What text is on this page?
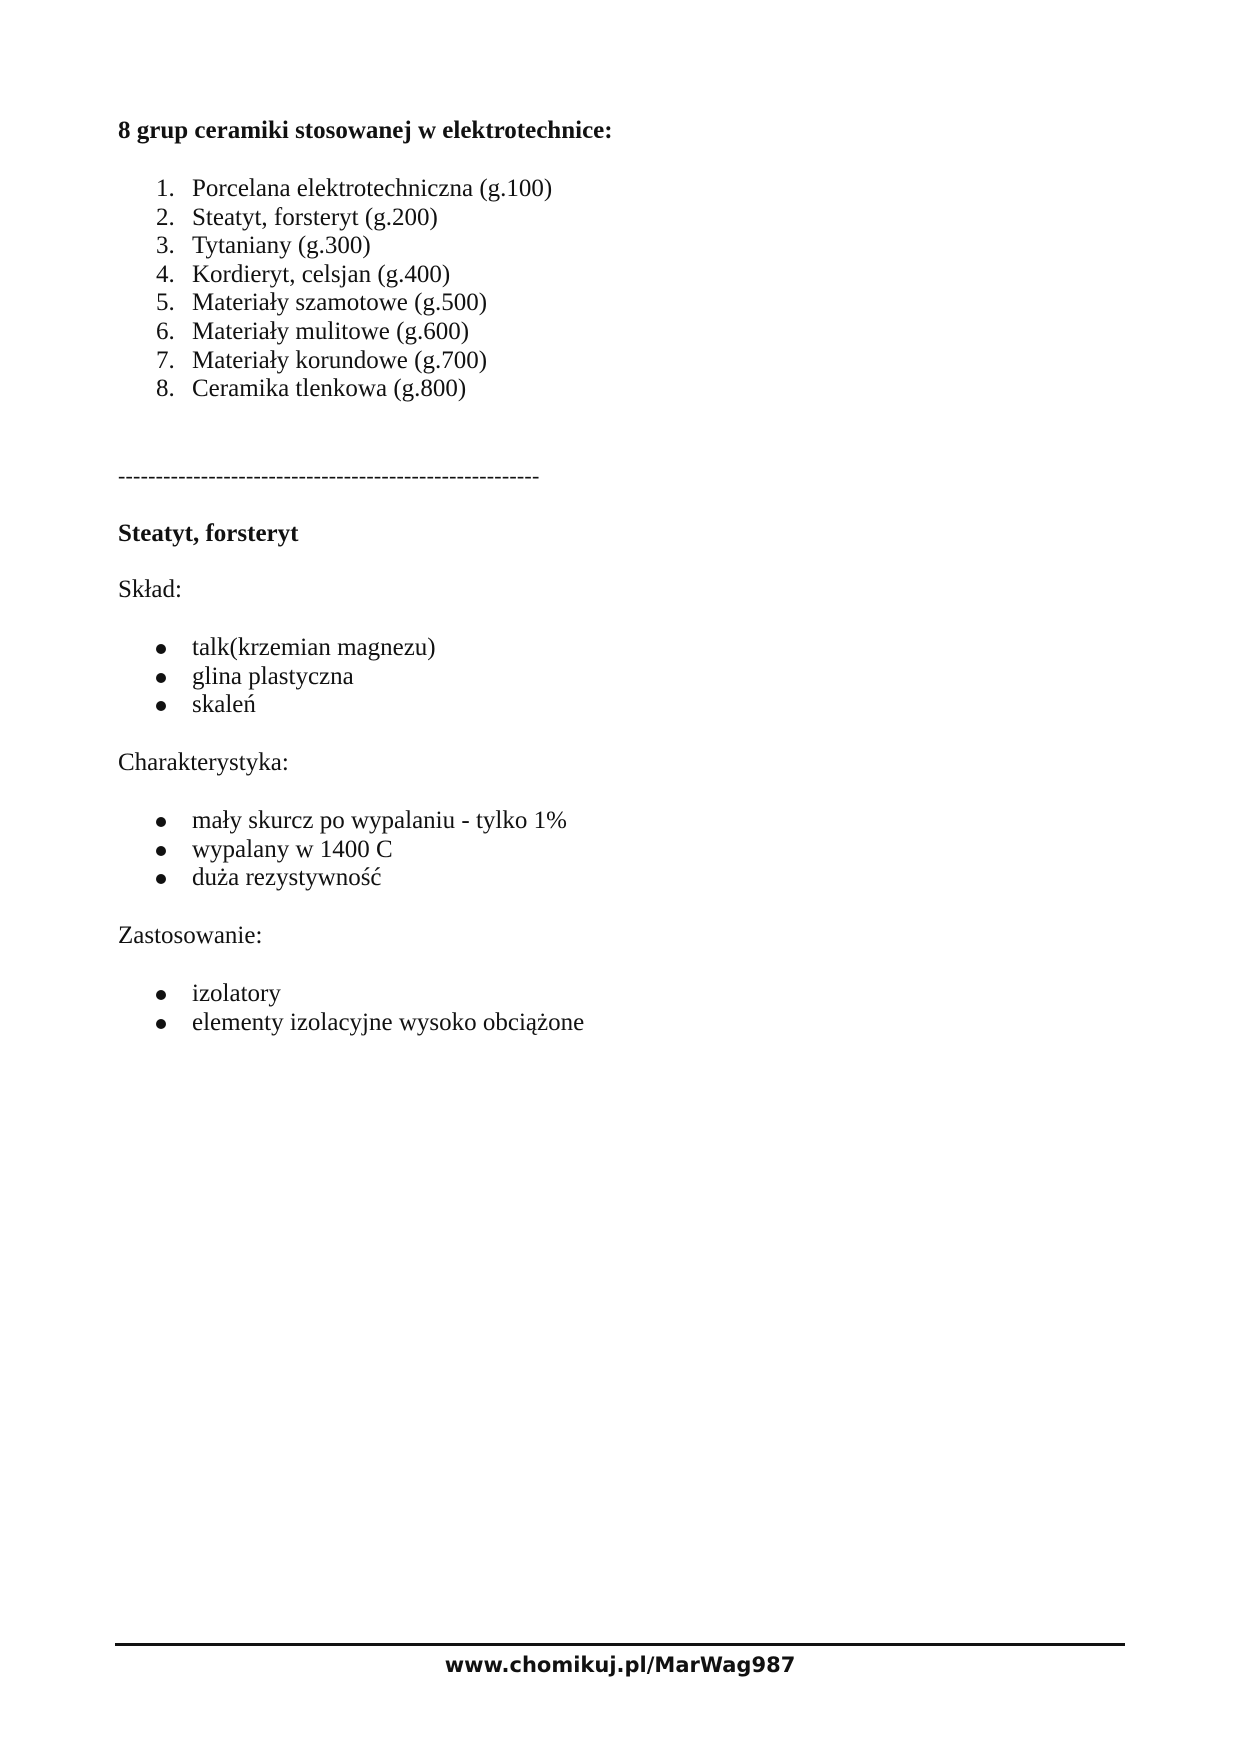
8 grup ceramiki stosowanej w elektrotechnice:

1. Porcelana elektrotechniczna (g.100)
2. Steatyt, forsteryt (g.200)
3. Tytaniany (g.300)
4. Kordieryt, celsjan (g.400)
5. Materiały szamotowe (g.500)
6. Materiały mulitowe (g.600)
7. Materiały korundowe (g.700)
8. Ceramika tlenkowa (g.800)
--------------------------------------------------------

Steatyt, forsteryt

Skład:

talk(krzemian magnezu)
glina plastyczna
skaleń

Charakterystyka:

mały skurcz po wypalaniu - tylko 1%
wypalany w 1400 C
duża rezystywność

Zastosowanie:

izolatory
elementy izolacyjne wysoko obciążone
www.chomikuj.pl/MarWag987
